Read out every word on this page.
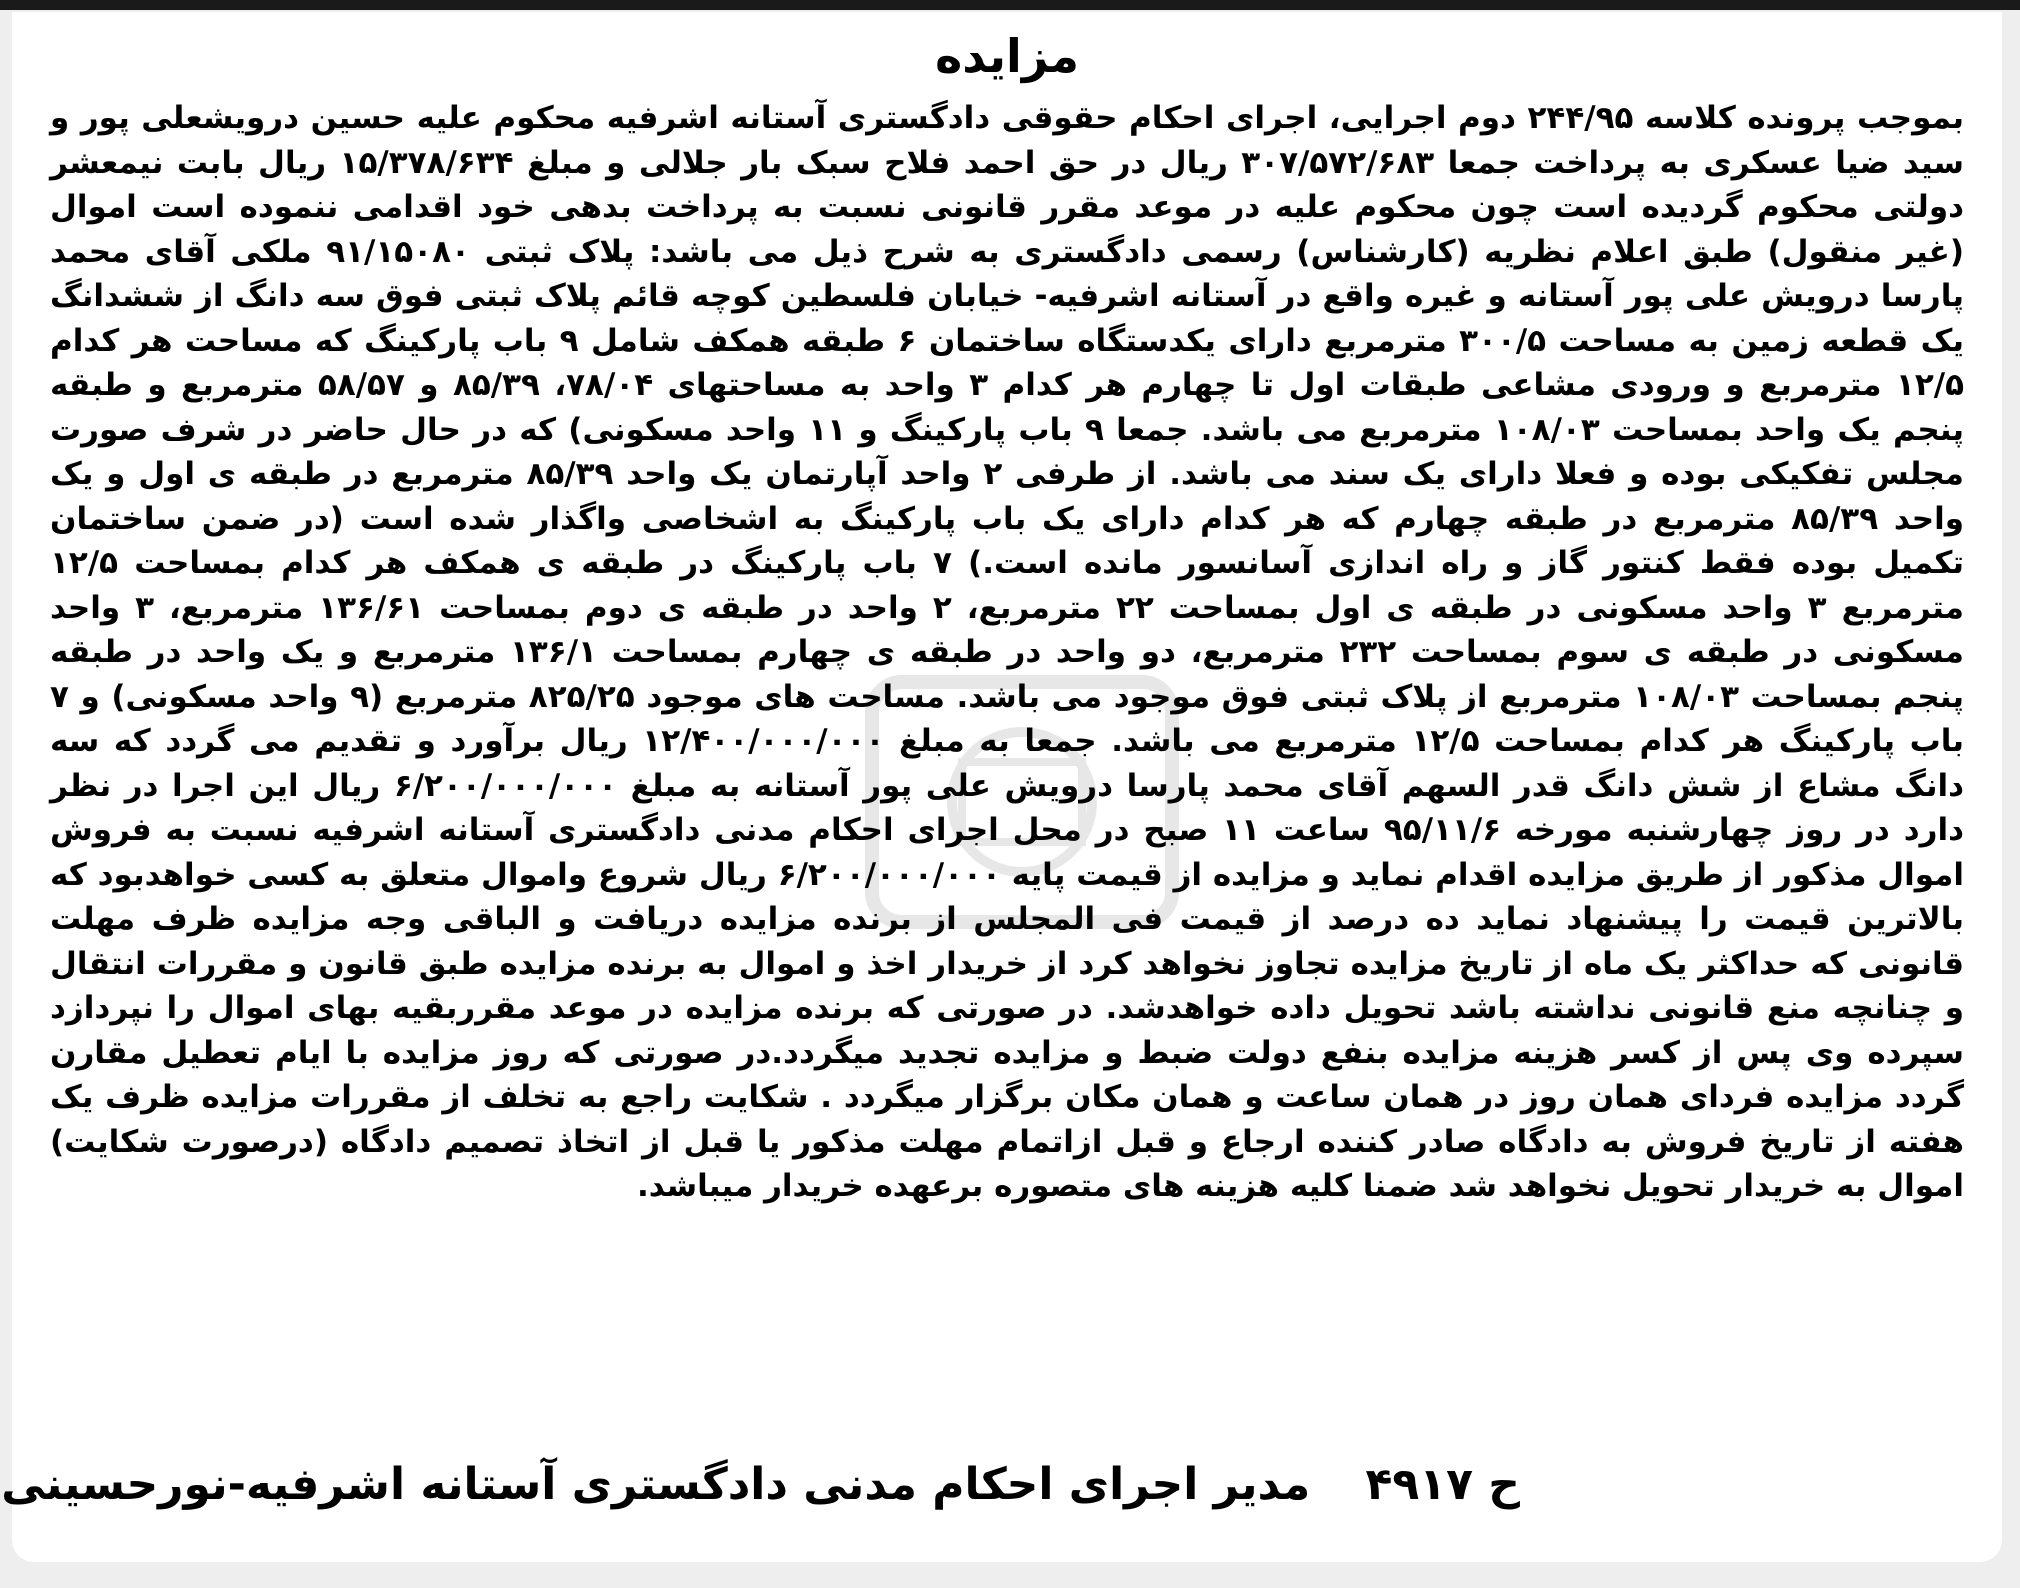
مزایده

بموجب پرونده کلاسه ۲۴۴/۹۵ دوم اجرایی، اجرای احکام حقوقی دادگستری آستانه اشرفیه محکوم علیه حسین درویشعلی پور و سید ضیا عسکری به پرداخت جمعا ۳۰۷/۵۷۲/۶۸۳ ریال در حق احمد فلاح سبک بار جلالی و مبلغ ۱۵/۳۷۸/۶۳۴ ریال بابت نیمعشر دولتی محکوم گردیده است چون محکوم علیه در موعد مقرر قانونی نسبت به پرداخت بدهی خود اقدامی ننموده است اموال (غیر منقول) طبق اعلام نظریه (کارشناس) رسمی دادگستری به شرح ذیل می باشد: پلاک ثبتی ۹۱/۱۵۰۸۰ ملکی آقای محمد پارسا درویش علی پور آستانه و غیره واقع در آستانه اشرفیه- خیابان فلسطین کوچه قائم پلاک ثبتی فوق سه دانگ از ششدانگ یک قطعه زمین به مساحت ۳۰۰/۵ مترمربع دارای یکدستگاه ساختمان ۶ طبقه همکف شامل ۹ باب پارکینگ که مساحت هر کدام ۱۲/۵ مترمربع و ورودی مشاعی طبقات اول تا چهارم هر کدام ۳ واحد به مساحتهای ۷۸/۰۴، ۸۵/۳۹ و ۵۸/۵۷ مترمربع و طبقه پنجم یک واحد بمساحت ۱۰۸/۰۳ مترمربع می باشد. جمعا ۹ باب پارکینگ و ۱۱ واحد مسکونی) که در حال حاضر در شرف صورت مجلس تفکیکی بوده و فعلا دارای یک سند می باشد. از طرفی ۲ واحد آپارتمان یک واحد ۸۵/۳۹ مترمربع در طبقه ی اول و یک واحد ۸۵/۳۹ مترمربع در طبقه چهارم که هر کدام دارای یک باب پارکینگ به اشخاصی واگذار شده است (در ضمن ساختمان تکمیل بوده فقط کنتور گاز و راه اندازی آسانسور مانده است.) ۷ باب پارکینگ در طبقه ی همکف هر کدام بمساحت ۱۲/۵ مترمربع ۳ واحد مسکونی در طبقه ی اول بمساحت ۲۲ مترمربع، ۲ واحد در طبقه ی دوم بمساحت ۱۳۶/۶۱ مترمربع، ۳ واحد مسکونی در طبقه ی سوم بمساحت ۲۳۲ مترمربع، دو واحد در طبقه ی چهارم بمساحت ۱۳۶/۱ مترمربع و یک واحد در طبقه پنجم بمساحت ۱۰۸/۰۳ مترمربع از پلاک ثبتی فوق موجود می باشد. مساحت های موجود ۸۲۵/۲۵ مترمربع (۹ واحد مسکونی) و ۷ باب پارکینگ هر کدام بمساحت ۱۲/۵ مترمربع می باشد. جمعا به مبلغ ۱۲/۴۰۰/۰۰۰/۰۰۰ ریال برآورد و تقدیم می گردد که سه دانگ مشاع از شش دانگ قدر السهم آقای محمد پارسا درویش علی پور آستانه به مبلغ ۶/۲۰۰/۰۰۰/۰۰۰ ریال این اجرا در نظر دارد در روز چهارشنبه مورخه ۹۵/۱۱/۶ ساعت ۱۱ صبح در محل اجرای احکام مدنی دادگستری آستانه اشرفیه نسبت به فروش اموال مذکور از طریق مزایده اقدام نماید و مزایده از قیمت پایه ۶/۲۰۰/۰۰۰/۰۰۰ ریال شروع واموال متعلق به کسی خواهدبود که بالاترین قیمت را پیشنهاد نماید ده درصد از قیمت فی المجلس از برنده مزایده دریافت و الباقی وجه مزایده ظرف مهلت قانونی که حداکثر یک ماه از تاریخ مزایده تجاوز نخواهد کرد از خریدار اخذ و اموال به برنده مزایده طبق قانون و مقررات انتقال و چنانچه منع قانونی نداشته باشد تحویل داده خواهدشد. در صورتی که برنده مزایده در موعد مقرربقیه بهای اموال را نپردازد سپرده وی پس از کسر هزینه مزایده بنفع دولت ضبط و مزایده تجدید میگردد.در صورتی که روز مزایده با ایام تعطیل مقارن گردد مزایده فردای همان روز در همان ساعت و همان مکان برگزار میگردد . شکایت راجع به تخلف از مقررات مزایده ظرف یک هفته از تاریخ فروش به دادگاه صادر کننده ارجاع و قبل ازاتمام مهلت مذکور یا قبل از اتخاذ تصمیم دادگاه (درصورت شکایت) اموال به خریدار تحویل نخواهد شد ضمنا کلیه هزینه های متصوره برعهده خریدار میباشد.

ح ۴۹۱۷ مدیر اجرای احکام مدنی دادگستری آستانه اشرفیه-نورحسینی
